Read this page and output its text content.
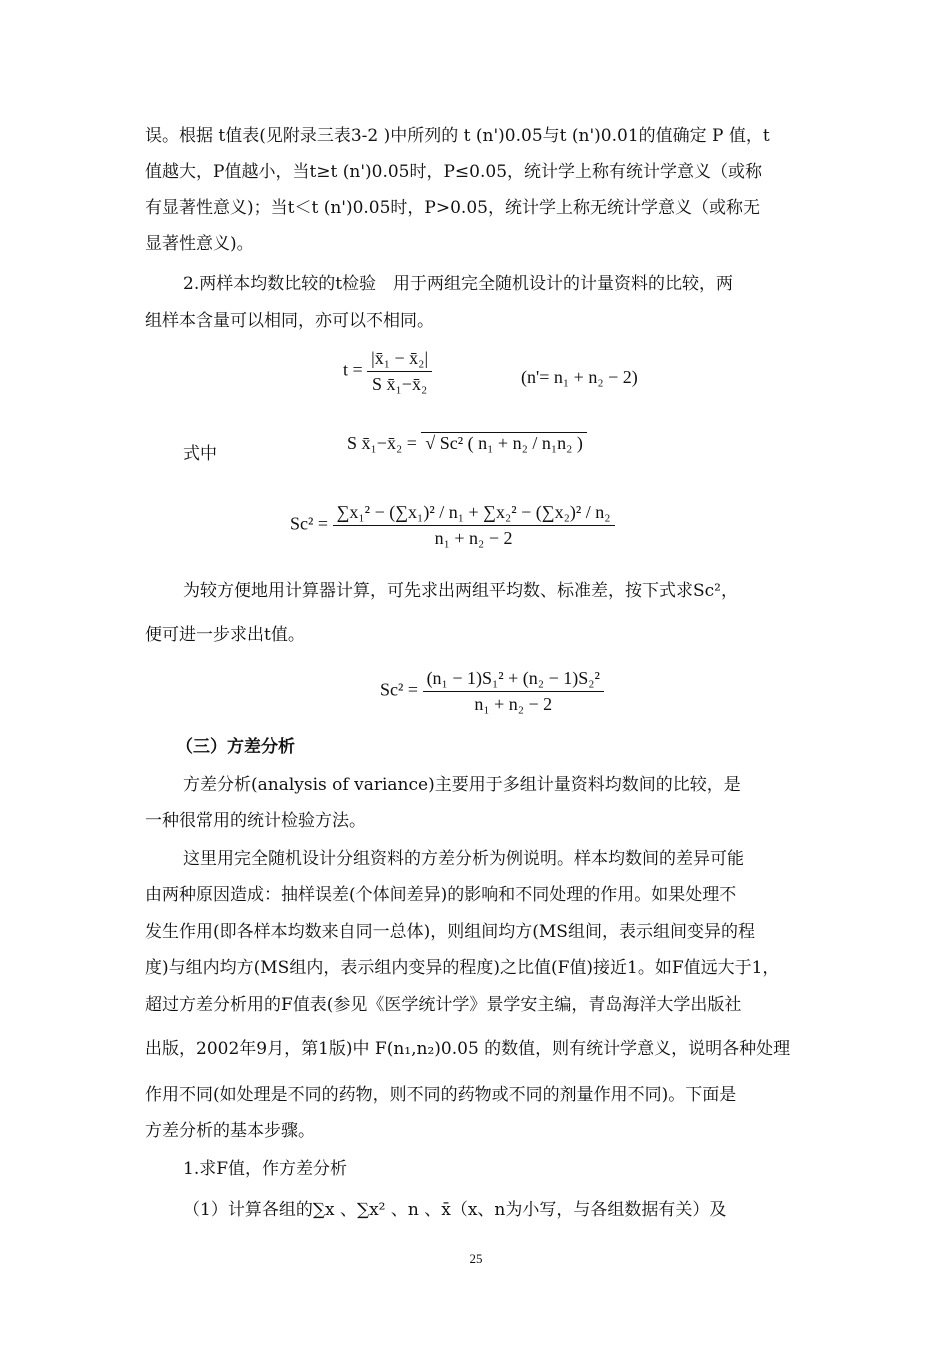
误。根据 t值表(见附录三表3-2 )中所列的 t (n')0.05与t (n')0.01的值确定 P 值，t
值越大，P值越小，当t≥t (n')0.05时，P≤0.05，统计学上称有统计学意义（或称
有显著性意义)；当t＜t (n')0.05时，P>0.05，统计学上称无统计学意义（或称无
显著性意义)。
2.两样本均数比较的t检验　用于两组完全随机设计的计量资料的比较，两
组样本含量可以相同，亦可以不相同。
$t = \frac{\text{|x̄₁ − x̄₂|}}{\text{S x̄₁−x̄₂}}$	(n'= n₁ + n₂ − 2)
式中
S x̄₁−x̄₂ = √ Sc² ( n₁ + n₂ / n₁n₂ )
$Sc^2 = \frac{\text{∑x₁² − (∑x₁)² / n₁ + ∑x₂² − (∑x₂)² / n₂}}{\text{n₁ + n₂ − 2}}$
为较方便地用计算器计算，可先求出两组平均数、标准差，按下式求Sc²，
便可进一步求出t值。
$Sc^2 = \frac{\text{(n₁ − 1)S₁² + (n₂ − 1)S₂²}}{\text{n₁ + n₂ − 2}}$
（三）方差分析
方差分析(analysis of variance)主要用于多组计量资料均数间的比较，是
一种很常用的统计检验方法。
这里用完全随机设计分组资料的方差分析为例说明。样本均数间的差异可能
由两种原因造成：抽样误差(个体间差异)的影响和不同处理的作用。如果处理不
发生作用(即各样本均数来自同一总体)，则组间均方(MS组间，表示组间变异的程
度)与组内均方(MS组内，表示组内变异的程度)之比值(F值)接近1。如F值远大于1，
超过方差分析用的F值表(参见《医学统计学》景学安主编，青岛海洋大学出版社
出版，2002年9月，第1版)中 F(n₁,n₂)0.05 的数值，则有统计学意义，说明各种处理
作用不同(如处理是不同的药物，则不同的药物或不同的剂量作用不同)。下面是
方差分析的基本步骤。
1.求F值，作方差分析
（1）计算各组的∑x 、∑x² 、n 、x̄（x、n为小写，与各组数据有关）及
25
